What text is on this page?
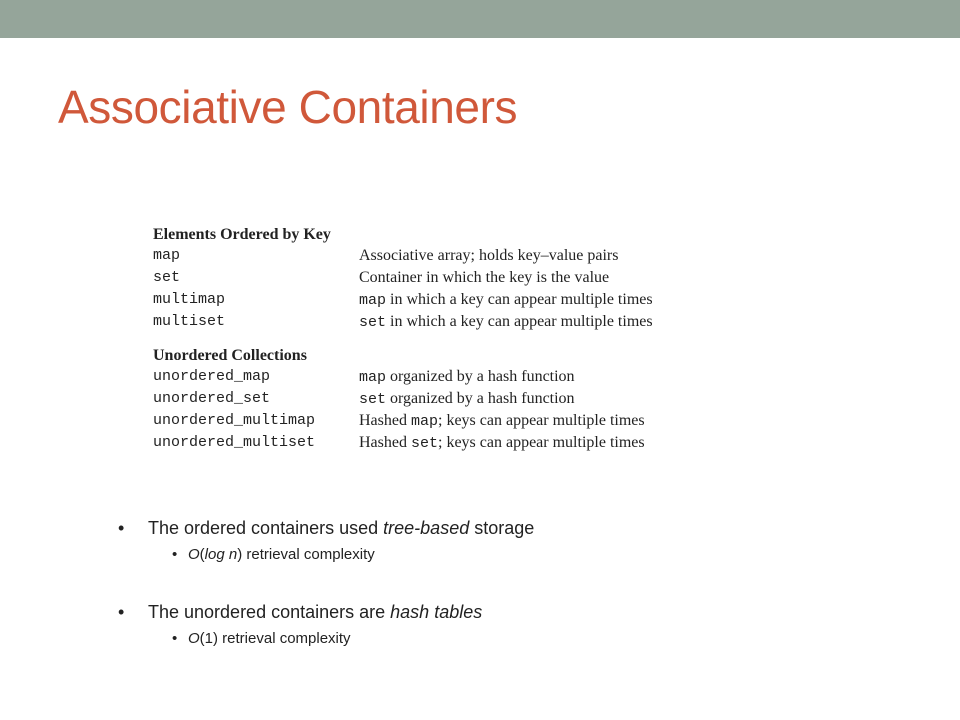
Associative Containers
Elements Ordered by Key
map	Associative array; holds key–value pairs
set	Container in which the key is the value
multimap	map in which a key can appear multiple times
multiset	set in which a key can appear multiple times
Unordered Collections
unordered_map	map organized by a hash function
unordered_set	set organized by a hash function
unordered_multimap	Hashed map; keys can appear multiple times
unordered_multiset	Hashed set; keys can appear multiple times
•	The ordered containers used tree-based storage
• O(log n) retrieval complexity
•	The unordered containers are hash tables
• O(1) retrieval complexity
